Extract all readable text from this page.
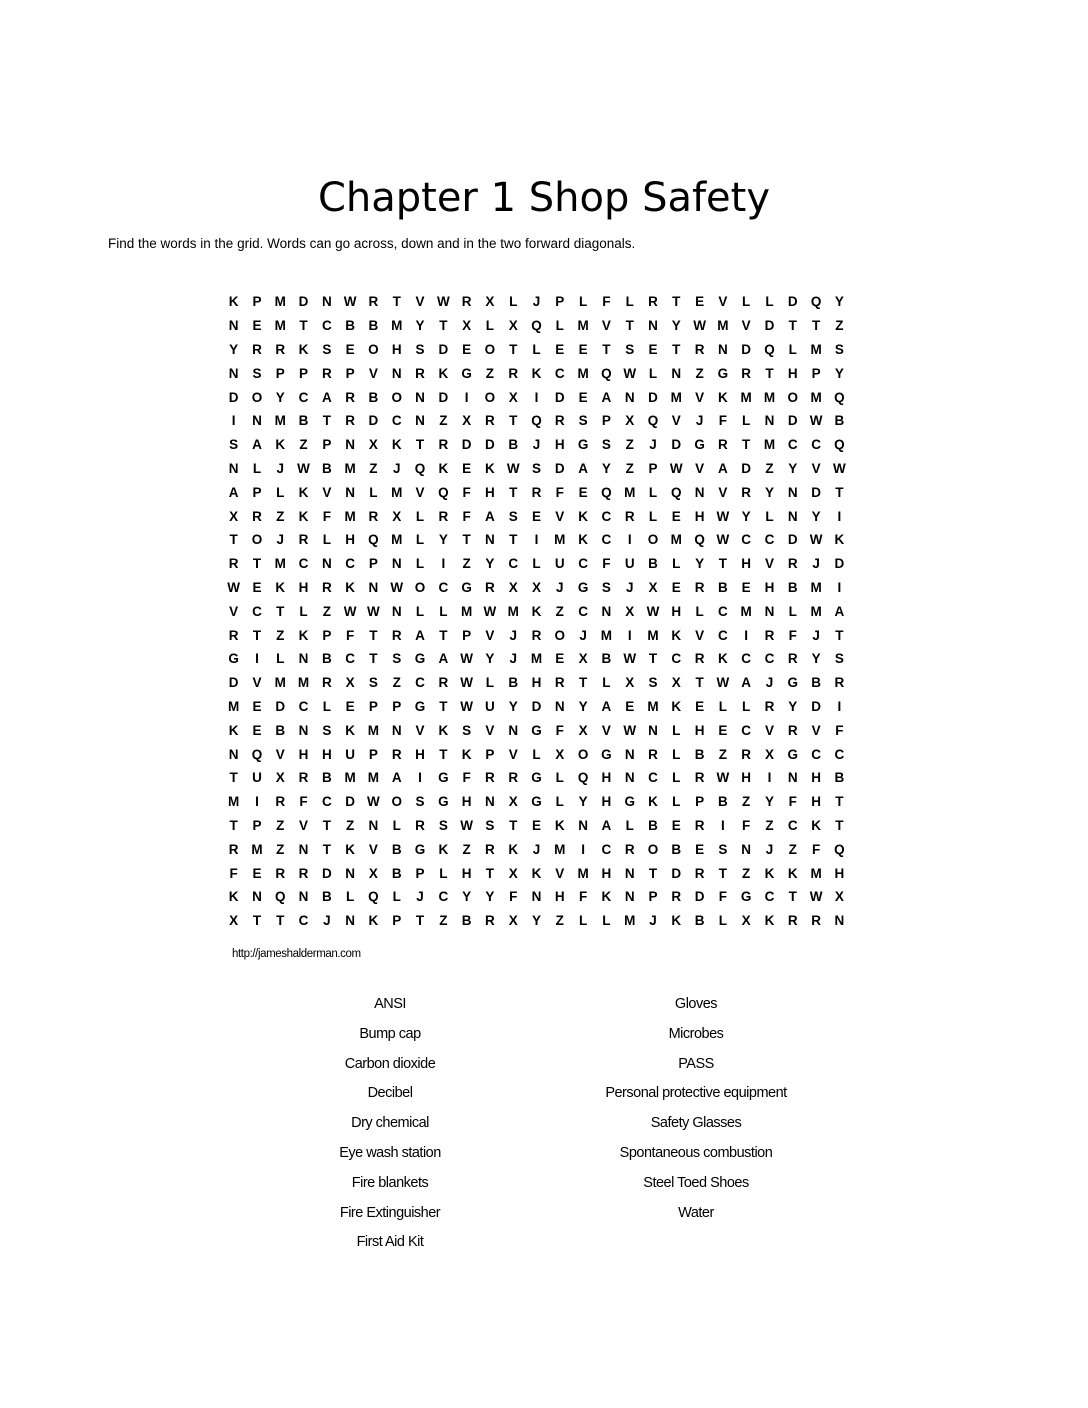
Chapter 1 Shop Safety
Find the words in the grid. Words can go across, down and in the two forward diagonals.
K	P	M	D	N	W	R	T	V	W	R	X	L	J	P	L	F	L	R	T	E	V	L	L	D	Q	Y
N	E	M	T	C	B	B	M	Y	T	X	L	X	Q	L	M	V	T	N	Y	W	M	V	D	T	T	Z
Y	R	R	K	S	E	O	H	S	D	E	O	T	L	E	E	T	S	E	T	R	N	D	Q	L	M	S
N	S	P	P	R	P	V	N	R	K	G	Z	R	K	C	M	Q	W	L	N	Z	G	R	T	H	P	Y
D	O	Y	C	A	R	B	O	N	D	I	O	X	I	D	E	A	N	D	M	V	K	M	M	O	M	Q
I	N	M	B	T	R	D	C	N	Z	X	R	T	Q	R	S	P	X	Q	V	J	F	L	N	D	W	B
S	A	K	Z	P	N	X	K	T	R	D	D	B	J	H	G	S	Z	J	D	G	R	T	M	C	C	Q
N	L	J	W	B	M	Z	J	Q	K	E	K	W	S	D	A	Y	Z	P	W	V	A	D	Z	Y	V	W
A	P	L	K	V	N	L	M	V	Q	F	H	T	R	F	E	Q	M	L	Q	N	V	R	Y	N	D	T
X	R	Z	K	F	M	R	X	L	R	F	A	S	E	V	K	C	R	L	E	H	W	Y	L	N	Y	I
T	O	J	R	L	H	Q	M	L	Y	T	N	T	I	M	K	C	I	O	M	Q	W	C	C	D	W	K
R	T	M	C	N	C	P	N	L	I	Z	Y	C	L	U	C	F	U	B	L	Y	T	H	V	R	J	D
W	E	K	H	R	K	N	W	O	C	G	R	X	X	J	G	S	J	X	E	R	B	E	H	B	M	I
V	C	T	L	Z	W	W	N	L	L	M	W	M	K	Z	C	N	X	W	H	L	C	M	N	L	M	A
R	T	Z	K	P	F	T	R	A	T	P	V	J	R	O	J	M	I	M	K	V	C	I	R	F	J	T
G	I	L	N	B	C	T	S	G	A	W	Y	J	M	E	X	B	W	T	C	R	K	C	C	R	Y	S
D	V	M	M	R	X	S	Z	C	R	W	L	B	H	R	T	L	X	S	X	T	W	A	J	G	B	R
M	E	D	C	L	E	P	P	G	T	W	U	Y	D	N	Y	A	E	M	K	E	L	L	R	Y	D	I
K	E	B	N	S	K	M	N	V	K	S	V	N	G	F	X	V	W	N	L	H	E	C	V	R	V	F
N	Q	V	H	H	U	P	R	H	T	K	P	V	L	X	O	G	N	R	L	B	Z	R	X	G	C	C
T	U	X	R	B	M	M	A	I	G	F	R	R	G	L	Q	H	N	C	L	R	W	H	I	N	H	B
M	I	R	F	C	D	W	O	S	G	H	N	X	G	L	Y	H	G	K	L	P	B	Z	Y	F	H	T
T	P	Z	V	T	Z	N	L	R	S	W	S	T	E	K	N	A	L	B	E	R	I	F	Z	C	K	T
R	M	Z	N	T	K	V	B	G	K	Z	R	K	J	M	I	C	R	O	B	E	S	N	J	Z	F	Q
F	E	R	R	D	N	X	B	P	L	H	T	X	K	V	M	H	N	T	D	R	T	Z	K	K	M	H
K	N	Q	N	B	L	Q	L	J	C	Y	Y	F	N	H	F	K	N	P	R	D	F	G	C	T	W	X
X	T	T	C	J	N	K	P	T	Z	B	R	X	Y	Z	L	L	M	J	K	B	L	X	K	R	R	N
http://jameshalderman.com
ANSI
Bump cap
Carbon dioxide
Decibel
Dry chemical
Eye wash station
Fire blankets
Fire Extinguisher
First Aid Kit
Gloves
Microbes
PASS
Personal protective equipment
Safety Glasses
Spontaneous combustion
Steel Toed Shoes
Water
